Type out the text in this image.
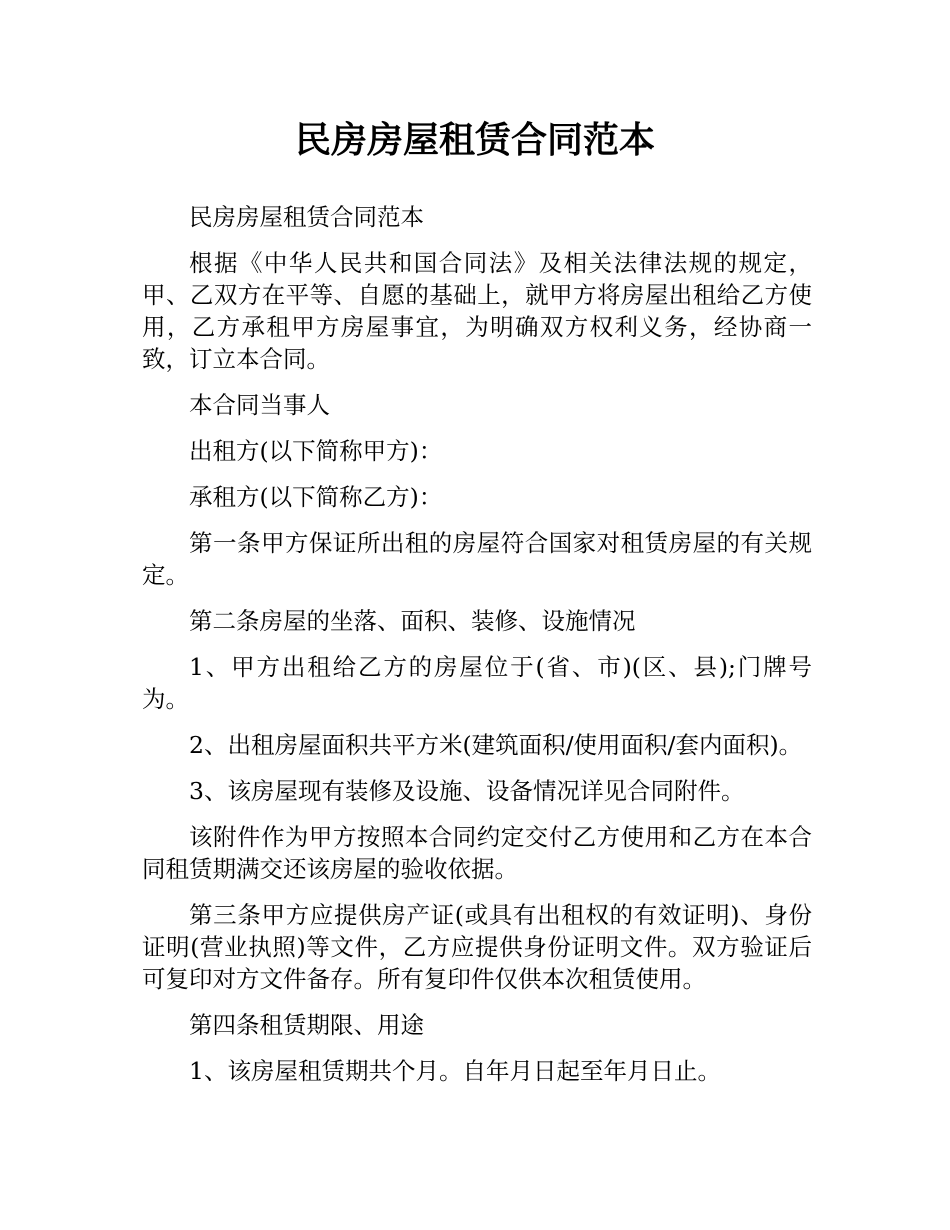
民房房屋租赁合同范本

民房房屋租赁合同范本

根据《中华人民共和国合同法》及相关法律法规的规定，甲、乙双方在平等、自愿的基础上，就甲方将房屋出租给乙方使用，乙方承租甲方房屋事宜，为明确双方权利义务，经协商一致，订立本合同。

本合同当事人

出租方(以下简称甲方)：

承租方(以下简称乙方)：

第一条甲方保证所出租的房屋符合国家对租赁房屋的有关规定。

第二条房屋的坐落、面积、装修、设施情况

1、甲方出租给乙方的房屋位于(省、市)(区、县);门牌号为。

2、出租房屋面积共平方米(建筑面积/使用面积/套内面积)。

3、该房屋现有装修及设施、设备情况详见合同附件。

该附件作为甲方按照本合同约定交付乙方使用和乙方在本合同租赁期满交还该房屋的验收依据。

第三条甲方应提供房产证(或具有出租权的有效证明)、身份证明(营业执照)等文件，乙方应提供身份证明文件。双方验证后可复印对方文件备存。所有复印件仅供本次租赁使用。

第四条租赁期限、用途

1、该房屋租赁期共个月。自年月日起至年月日止。
